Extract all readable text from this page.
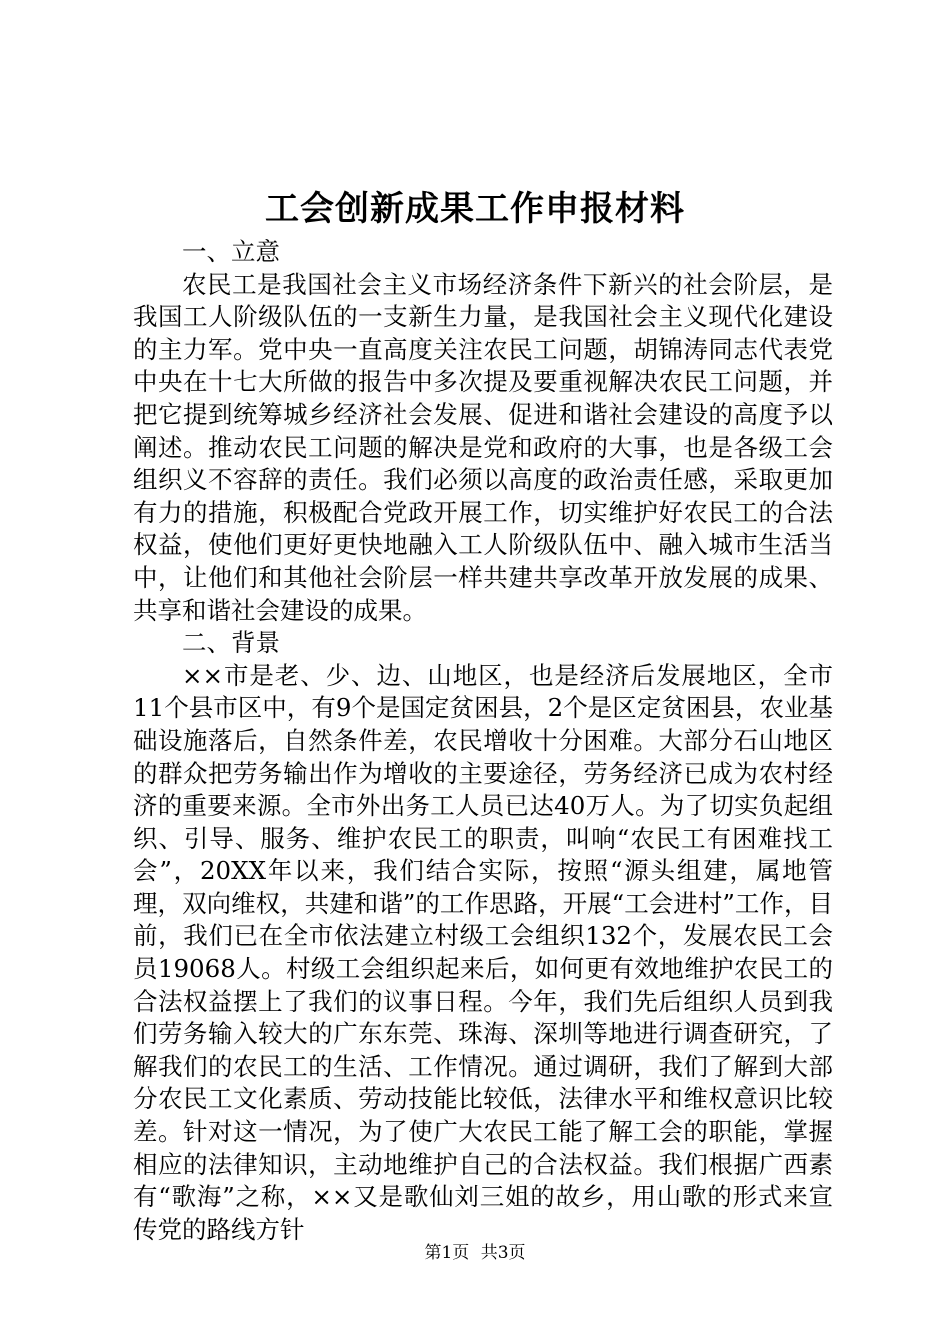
工会创新成果工作申报材料

一、立意

农民工是我国社会主义市场经济条件下新兴的社会阶层，是我国工人阶级队伍的一支新生力量，是我国社会主义现代化建设的主力军。党中央一直高度关注农民工问题，胡锦涛同志代表党中央在十七大所做的报告中多次提及要重视解决农民工问题，并把它提到统筹城乡经济社会发展、促进和谐社会建设的高度予以阐述。推动农民工问题的解决是党和政府的大事，也是各级工会组织义不容辞的责任。我们必须以高度的政治责任感，采取更加有力的措施，积极配合党政开展工作，切实维护好农民工的合法权益，使他们更好更快地融入工人阶级队伍中、融入城市生活当中，让他们和其他社会阶层一样共建共享改革开放发展的成果、共享和谐社会建设的成果。

二、背景

××市是老、少、边、山地区，也是经济后发展地区，全市11个县市区中，有9个是国定贫困县，2个是区定贫困县，农业基础设施落后，自然条件差，农民增收十分困难。大部分石山地区的群众把劳务输出作为增收的主要途径，劳务经济已成为农村经济的重要来源。全市外出务工人员已达40万人。为了切实负起组织、引导、服务、维护农民工的职责，叫响“农民工有困难找工会”，20XX年以来，我们结合实际，按照“源头组建，属地管理，双向维权，共建和谐”的工作思路，开展“工会进村”工作，目前，我们已在全市依法建立村级工会组织132个，发展农民工会员19068人。村级工会组织起来后，如何更有效地维护农民工的合法权益摆上了我们的议事日程。今年，我们先后组织人员到我们劳务输入较大的广东东莞、珠海、深圳等地进行调查研究，了解我们的农民工的生活、工作情况。通过调研，我们了解到大部分农民工文化素质、劳动技能比较低，法律水平和维权意识比较差。针对这一情况，为了使广大农民工能了解工会的职能，掌握相应的法律知识，主动地维护自己的合法权益。我们根据广西素有“歌海”之称，××又是歌仙刘三姐的故乡，用山歌的形式来宣传党的路线方针

第1页 共3页
